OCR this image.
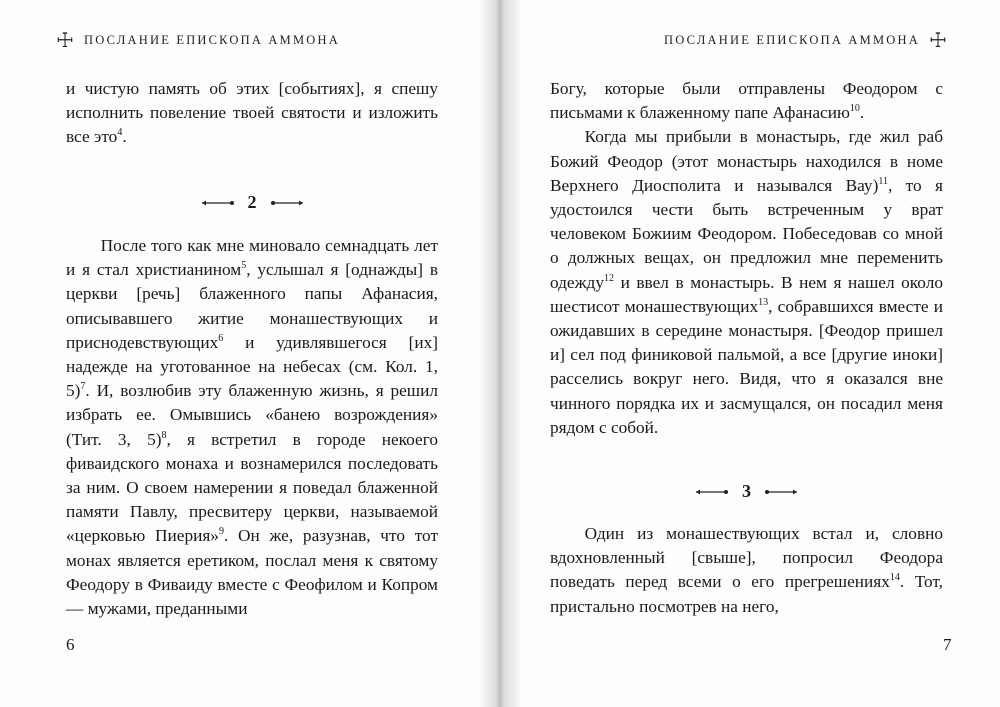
☩ ПОСЛАНИЕ ЕПИСКОПА АММОНА

и чистую память об этих [событиях], я спешу исполнить повеление твоей святости и изложить все это$^4$.

2

После того как мне миновало семнадцать лет и я стал христианином$^5$, услышал я [однажды] в церкви [речь] блаженного папы Афанасия, описывавшего житие монашествующих и приснодевствующих$^6$ и удивлявшегося [их] надежде на уготованное на небесах (см. Кол. 1, 5)$^7$. И, возлюбив эту блаженную жизнь, я решил избрать ее. Омывшись «банею возрождения» (Тит. 3, 5)$^8$, я встретил в городе некоего фиваидского монаха и вознамерился последовать за ним. О своем намерении я поведал блаженной памяти Павлу, пресвитеру церкви, называемой «церковью Пиерия»$^9$. Он же, разузнав, что тот монах является еретиком, послал меня к святому Феодору в Фиваиду вместе с Феофилом и Копром — мужами, преданными

6
ПОСЛАНИЕ ЕПИСКОПА АММОНА ☩

Богу, которые были отправлены Феодором с письмами к блаженному папе Афанасию$^{10}$.

Когда мы прибыли в монастырь, где жил раб Божий Феодор (этот монастырь находился в номе Верхнего Диосполита и назывался Вау)$^{11}$, то я удостоился чести быть встреченным у врат человеком Божиим Феодором. Побеседовав со мной о должных вещах, он предложил мне переменить одежду$^{12}$ и ввел в монастырь. В нем я нашел около шестисот монашествующих$^{13}$, собравшихся вместе и ожидавших в середине монастыря. [Феодор пришел и] сел под финиковой пальмой, а все [другие иноки] расселись вокруг него. Видя, что я оказался вне чинного порядка их и засмущался, он посадил меня рядом с собой.

3

Один из монашествующих встал и, словно вдохновленный [свыше], попросил Феодора поведать перед всеми о его прегрешениях$^{14}$. Тот, пристально посмотрев на него,

7
